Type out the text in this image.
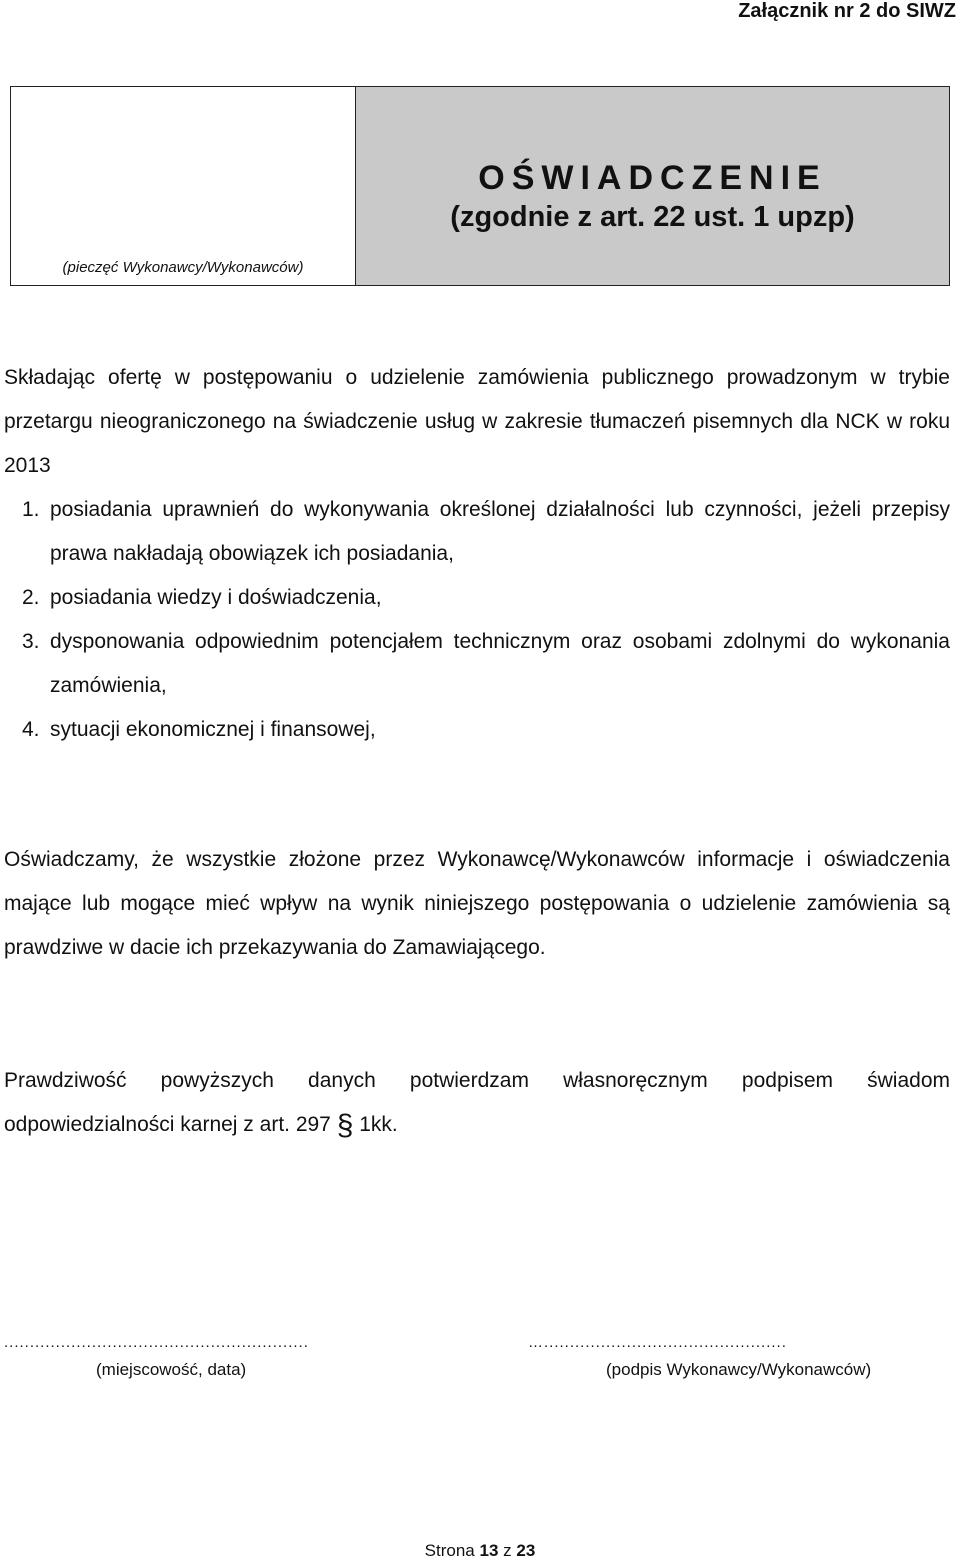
Załącznik nr 2 do SIWZ
(pieczęć Wykonawcy/Wykonawców)
OŚWIADCZENIE
(zgodnie z art. 22 ust. 1 upzp)
Składając ofertę w postępowaniu o udzielenie zamówienia publicznego prowadzonym w trybie przetargu nieograniczonego na świadczenie usług w zakresie tłumaczeń pisemnych dla NCK w roku 2013
1. posiadania uprawnień do wykonywania określonej działalności lub czynności, jeżeli przepisy prawa nakładają obowiązek ich posiadania,
2. posiadania wiedzy i doświadczenia,
3. dysponowania odpowiednim potencjałem technicznym oraz osobami zdolnymi do wykonania zamówienia,
4. sytuacji ekonomicznej i finansowej,
Oświadczamy, że wszystkie złożone przez Wykonawcę/Wykonawców informacje i oświadczenia mające lub mogące mieć wpływ na wynik niniejszego postępowania o udzielenie zamówienia są prawdziwe w dacie ich przekazywania do Zamawiającego.
Prawdziwość powyższych danych potwierdzam własnoręcznym podpisem świadom odpowiedzialności karnej z art. 297 § 1kk.
...........................................................	…...............................................
(miejscowość, data)	(podpis Wykonawcy/Wykonawców)
Strona 13 z 23
